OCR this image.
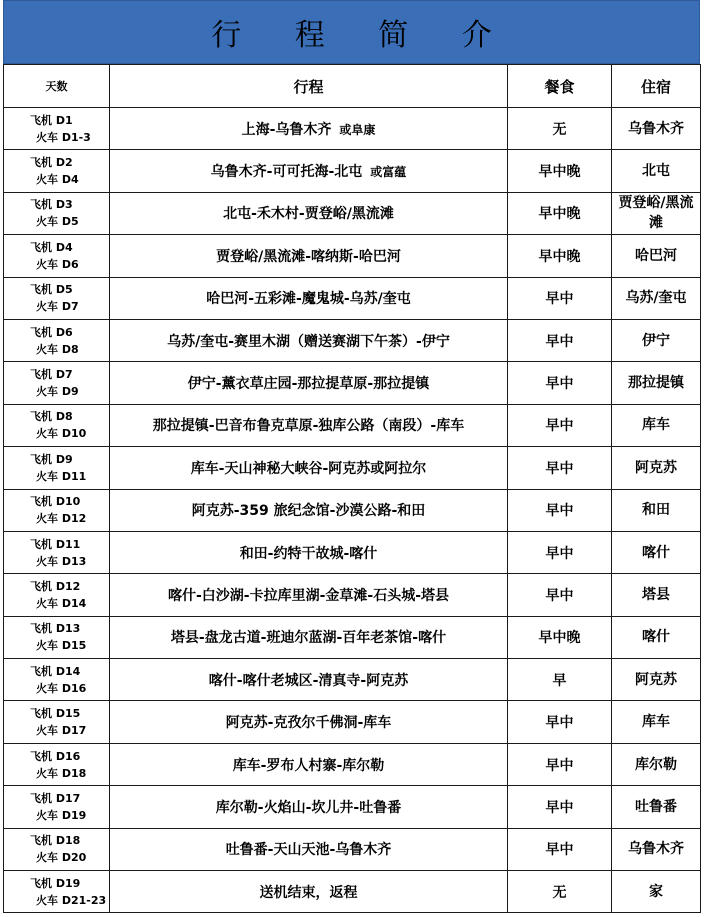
行 程 简 介
天数	行程	餐食	住宿

飞机 D1
火车 D1-3	上海-乌鲁木齐 或阜康	无	乌鲁木齐

飞机 D2
火车 D4	乌鲁木齐-可可托海-北屯 或富蕴	早中晚	北屯

飞机 D3
火车 D5	北屯-禾木村-贾登峪/黑流滩	早中晚	贾登峪/黑流滩

飞机 D4
火车 D6	贾登峪/黑流滩-喀纳斯-哈巴河	早中晚	哈巴河

飞机 D5
火车 D7	哈巴河-五彩滩-魔鬼城-乌苏/奎屯	早中	乌苏/奎屯

飞机 D6
火车 D8	乌苏/奎屯-赛里木湖（赠送赛湖下午茶）-伊宁	早中	伊宁

飞机 D7
火车 D9	伊宁-薰衣草庄园-那拉提草原-那拉提镇	早中	那拉提镇

飞机 D8
火车 D10	那拉提镇-巴音布鲁克草原-独库公路（南段）-库车	早中	库车

飞机 D9
火车 D11	库车-天山神秘大峡谷-阿克苏或阿拉尔	早中	阿克苏

飞机 D10
火车 D12	阿克苏-359 旅纪念馆-沙漠公路-和田	早中	和田

飞机 D11
火车 D13	和田-约特干故城-喀什	早中	喀什

飞机 D12
火车 D14	喀什-白沙湖-卡拉库里湖-金草滩-石头城-塔县	早中	塔县

飞机 D13
火车 D15	塔县-盘龙古道-班迪尔蓝湖-百年老茶馆-喀什	早中晚	喀什

飞机 D14
火车 D16	喀什-喀什老城区-清真寺-阿克苏	早	阿克苏

飞机 D15
火车 D17	阿克苏-克孜尔千佛洞-库车	早中	库车

飞机 D16
火车 D18	库车-罗布人村寨-库尔勒	早中	库尔勒

飞机 D17
火车 D19	库尔勒-火焰山-坎儿井-吐鲁番	早中	吐鲁番

飞机 D18
火车 D20	吐鲁番-天山天池-乌鲁木齐	早中	乌鲁木齐

飞机 D19
火车 D21-23	送机结束，返程	无	家
